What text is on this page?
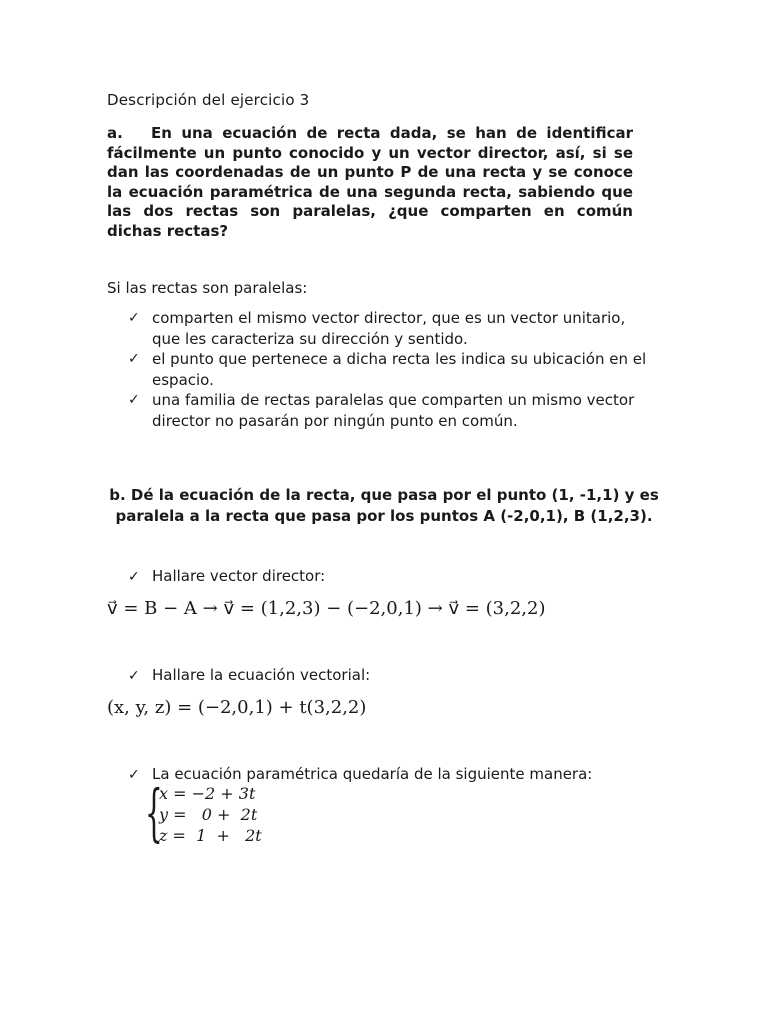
Descripción del ejercicio 3
a. En una ecuación de recta dada, se han de identificar fácilmente un punto conocido y un vector director, así, si se dan las coordenadas de un punto P de una recta y se conoce la ecuación paramétrica de una segunda recta, sabiendo que las dos rectas son paralelas, ¿que comparten en común dichas rectas?
Si las rectas son paralelas:
✓ comparten el mismo vector director, que es un vector unitario, que les caracteriza su dirección y sentido.
✓ el punto que pertenece a dicha recta les indica su ubicación en el espacio.
✓ una familia de rectas paralelas que comparten un mismo vector director no pasarán por ningún punto en común.
b. Dé la ecuación de la recta, que pasa por el punto (1, -1,1) y es paralela a la recta que pasa por los puntos A (-2,0,1), B (1,2,3).
✓ Hallare vector director:
v⃗ = B − A → v⃗ = (1,2,3) − (−2,0,1) → v⃗ = (3,2,2)
✓ Hallare la ecuación vectorial:
(x, y, z) = (−2,0,1) + t(3,2,2)
✓ La ecuación paramétrica quedaría de la siguiente manera:
{
x = −2 + 3t
y =   0 +  2t
z =  1  +   2t
